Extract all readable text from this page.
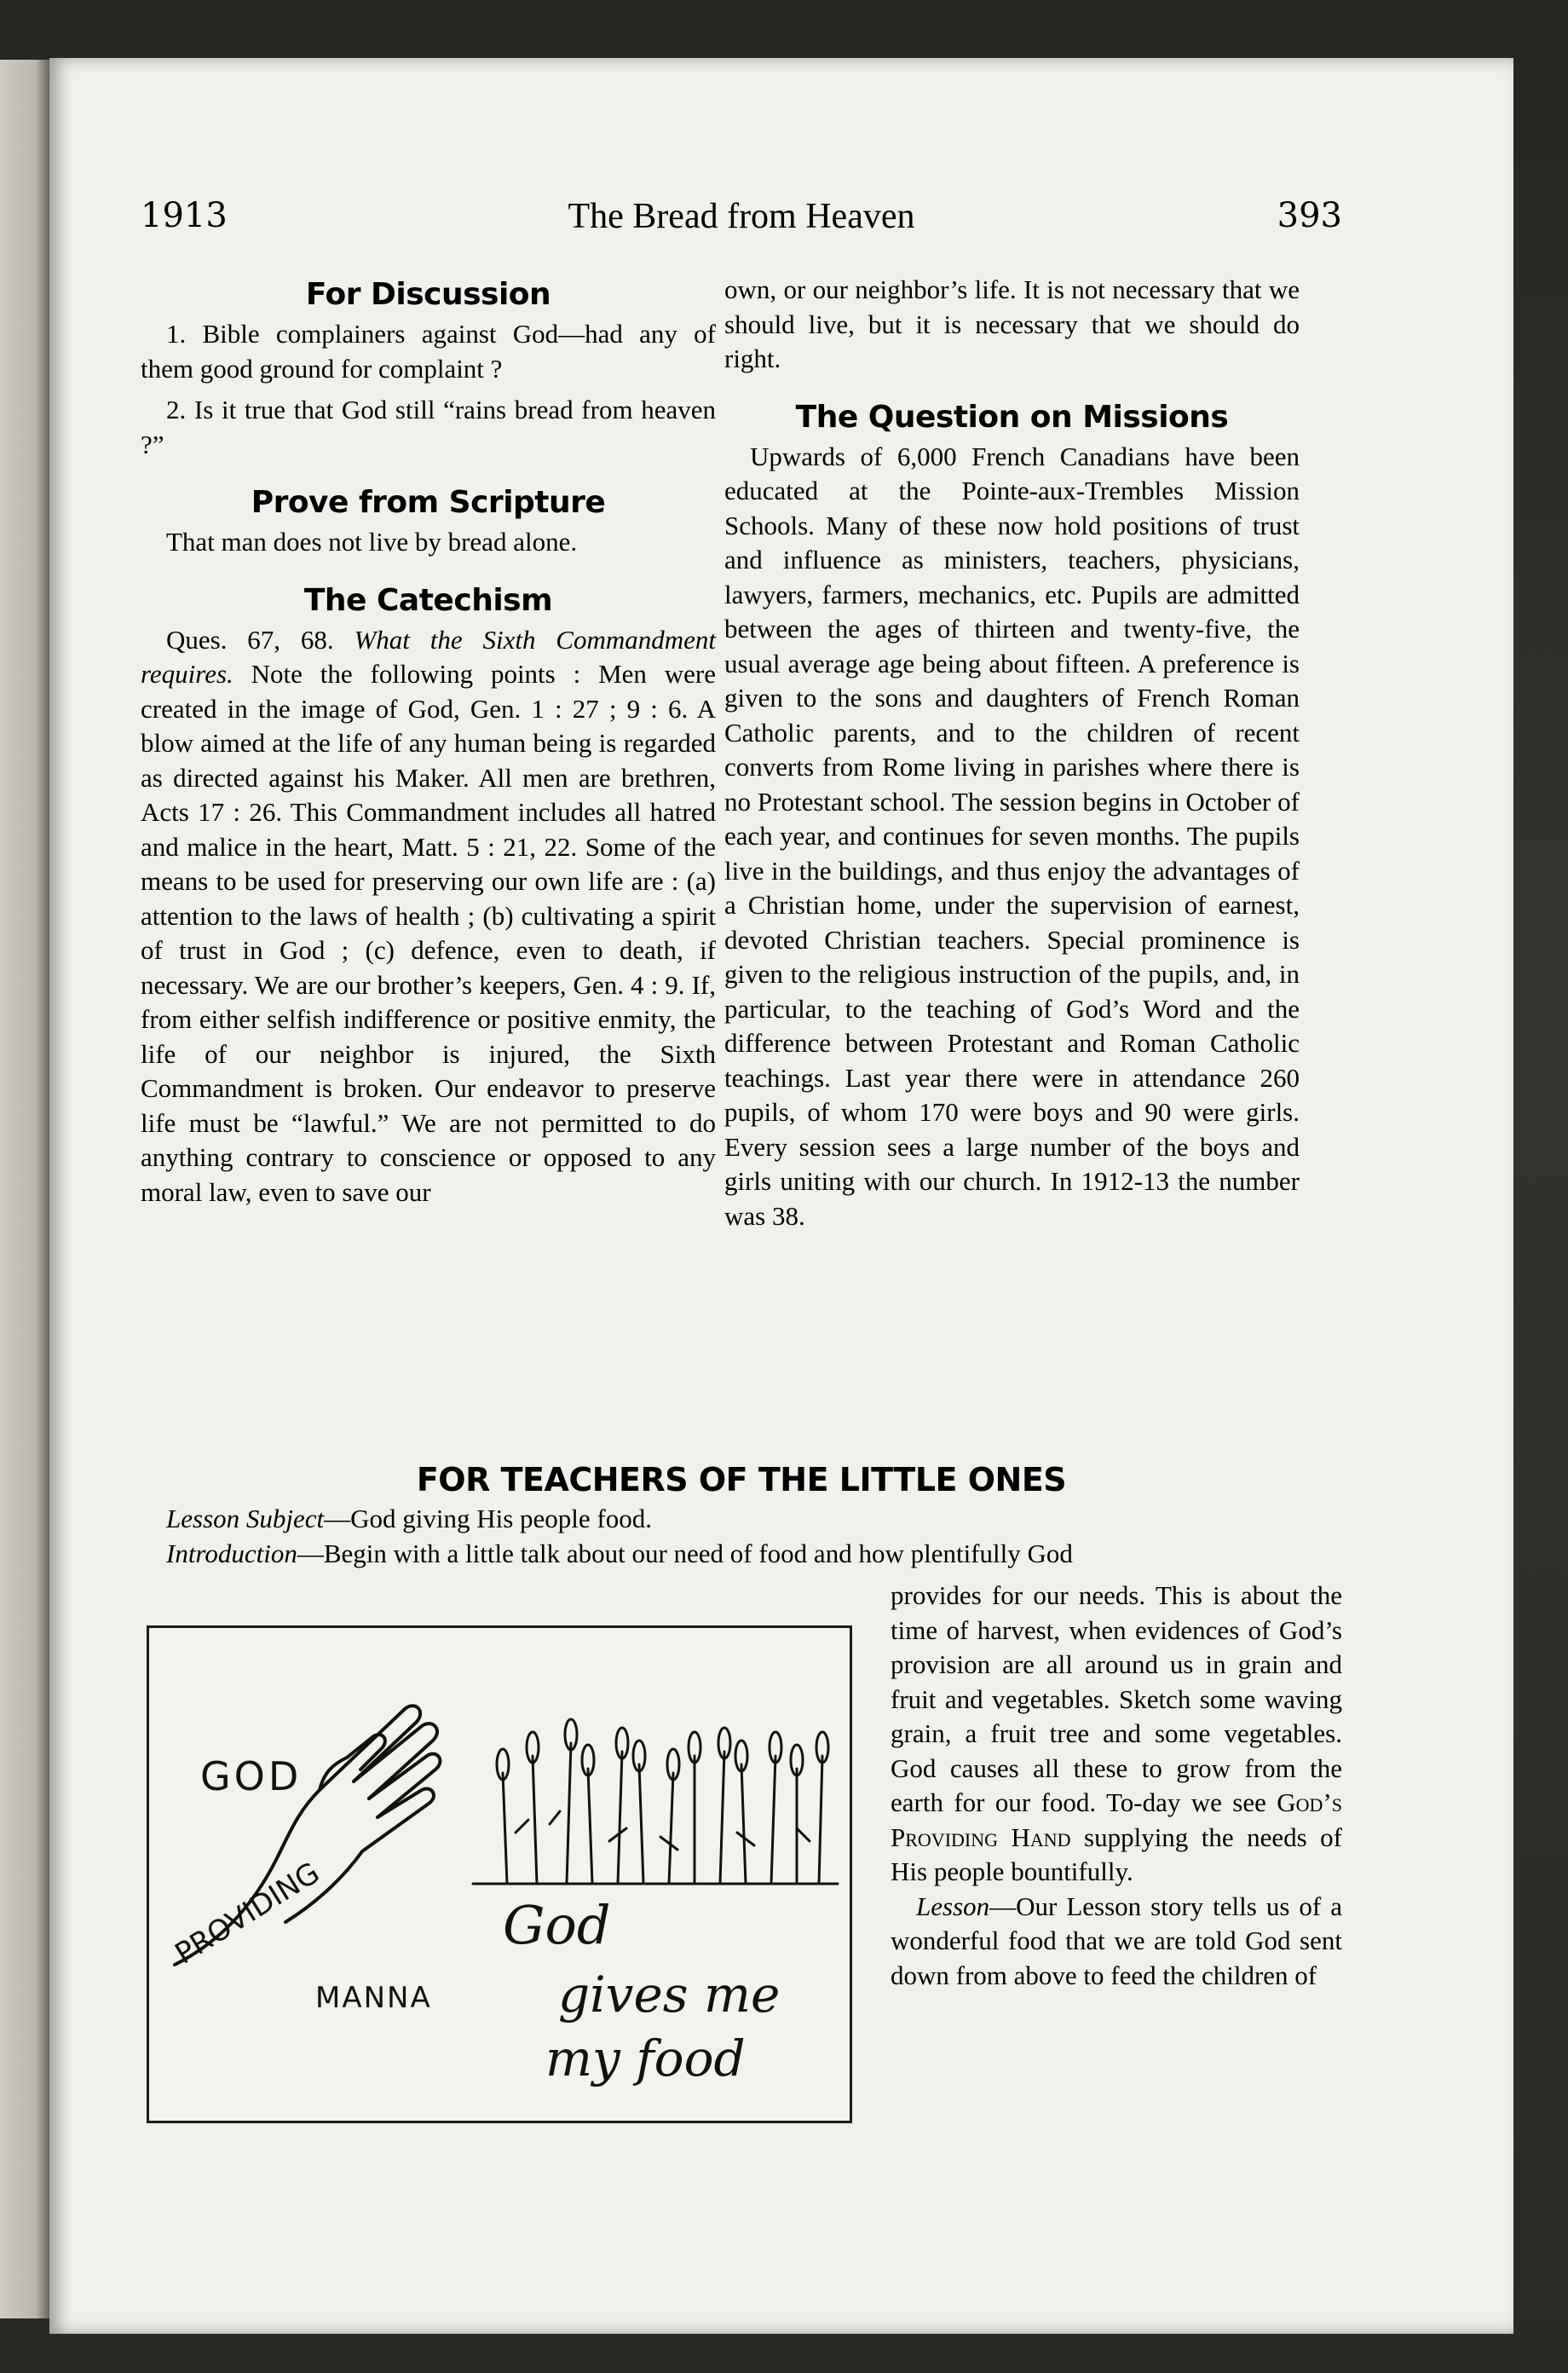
1913	The Bread from Heaven	393
For Discussion

1. Bible complainers against God—had any of them good ground for complaint ?

2. Is it true that God still “rains bread from heaven ?”

Prove from Scripture

That man does not live by bread alone.

The Catechism

Ques. 67, 68. What the Sixth Commandment requires. Note the following points : Men were created in the image of God, Gen. 1 : 27 ; 9 : 6. A blow aimed at the life of any human being is regarded as directed against his Maker. All men are brethren, Acts 17 : 26. This Commandment includes all hatred and malice in the heart, Matt. 5 : 21, 22. Some of the means to be used for preserving our own life are : (a) attention to the laws of health ; (b) cultivating a spirit of trust in God ; (c) defence, even to death, if necessary. We are our brother’s keepers, Gen. 4 : 9. If, from either selfish indifference or positive enmity, the life of our neighbor is injured, the Sixth Commandment is broken. Our endeavor to preserve life must be “lawful.” We are not permitted to do anything contrary to conscience or opposed to any moral law, even to save our

own, or our neighbor’s life. It is not necessary that we should live, but it is necessary that we should do right.

The Question on Missions

Upwards of 6,000 French Canadians have been educated at the Pointe-aux-Trembles Mission Schools. Many of these now hold positions of trust and influence as ministers, teachers, physicians, lawyers, farmers, mechanics, etc. Pupils are admitted between the ages of thirteen and twenty-five, the usual average age being about fifteen. A preference is given to the sons and daughters of French Roman Catholic parents, and to the children of recent converts from Rome living in parishes where there is no Protestant school. The session begins in October of each year, and continues for seven months. The pupils live in the buildings, and thus enjoy the advantages of a Christian home, under the supervision of earnest, devoted Christian teachers. Special prominence is given to the religious instruction of the pupils, and, in particular, to the teaching of God’s Word and the difference between Protestant and Roman Catholic teachings. Last year there were in attendance 260 pupils, of whom 170 were boys and 90 were girls. Every session sees a large number of the boys and girls uniting with our church. In 1912-13 the number was 38.

FOR TEACHERS OF THE LITTLE ONES

Lesson Subject—God giving His people food.

Introduction—Begin with a little talk about our need of food and how plentifully God

GOD
PROVIDING
MANNA
God
gives me
my food

provides for our needs. This is about the time of harvest, when evidences of God’s provision are all around us in grain and fruit and vegetables. Sketch some waving grain, a fruit tree and some vegetables. God causes all these to grow from the earth for our food. To-day we see God’s Providing Hand supplying the needs of His people bountifully.

Lesson—Our Lesson story tells us of a wonderful food that we are told God sent down from above to feed the children of
